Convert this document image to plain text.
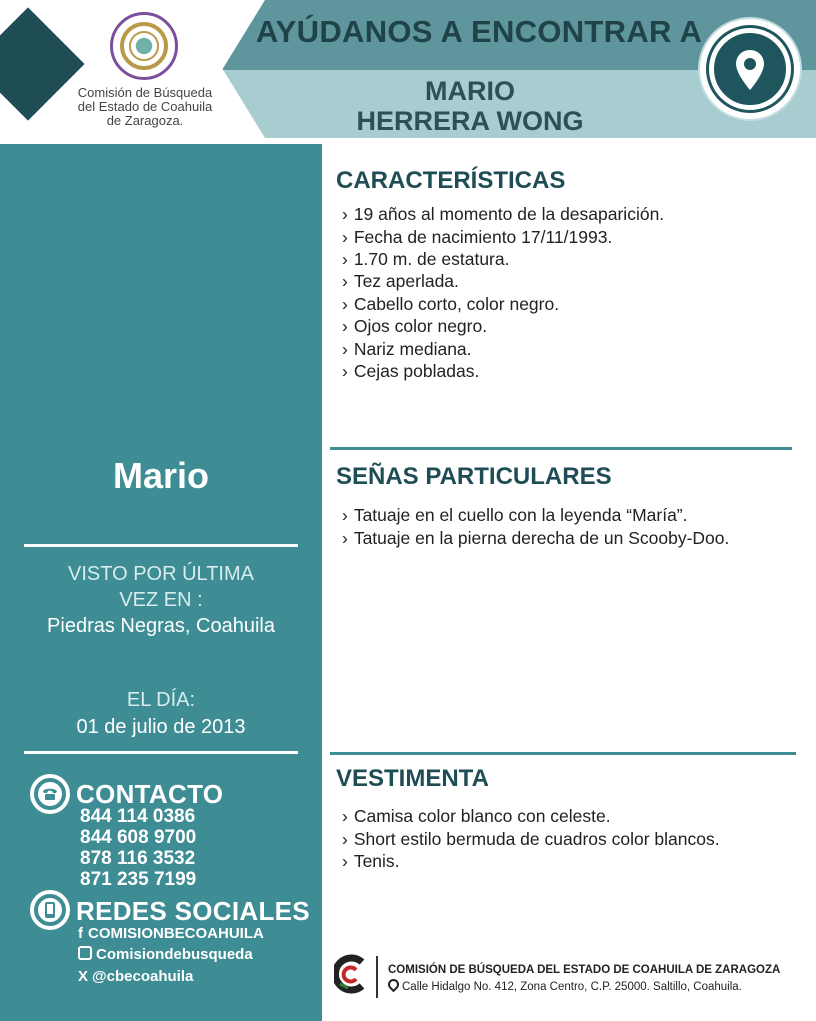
Comisión de Búsqueda
del Estado de Coahuila
de Zaragoza.
AYÚDANOS A ENCONTRAR A
MARIO
HERRERA WONG
Mario
VISTO POR ÚLTIMA
VEZ EN :
Piedras Negras, Coahuila
EL DÍA:
01 de julio de 2013
CONTACTO
844 114 0386
844 608 9700
878 116 3532
871 235 7199
REDES SOCIALES
f COMISIONBECOAHUILA
Comisiondebusqueda
X @cbecoahuila
CARACTERÍSTICAS
› 19 años al momento de la desaparición.
› Fecha de nacimiento 17/11/1993.
› 1.70 m. de estatura.
› Tez aperlada.
› Cabello corto, color negro.
› Ojos color negro.
› Nariz mediana.
› Cejas pobladas.
SEÑAS PARTICULARES
› Tatuaje en el cuello con la leyenda “María”.
› Tatuaje en la pierna derecha de un Scooby-Doo.
VESTIMENTA
› Camisa color blanco con celeste.
› Short estilo bermuda de cuadros color blancos.
› Tenis.
COMISIÓN DE BÚSQUEDA DEL ESTADO DE COAHUILA DE ZARAGOZA
Calle Hidalgo No. 412, Zona Centro, C.P. 25000. Saltillo, Coahuila.
